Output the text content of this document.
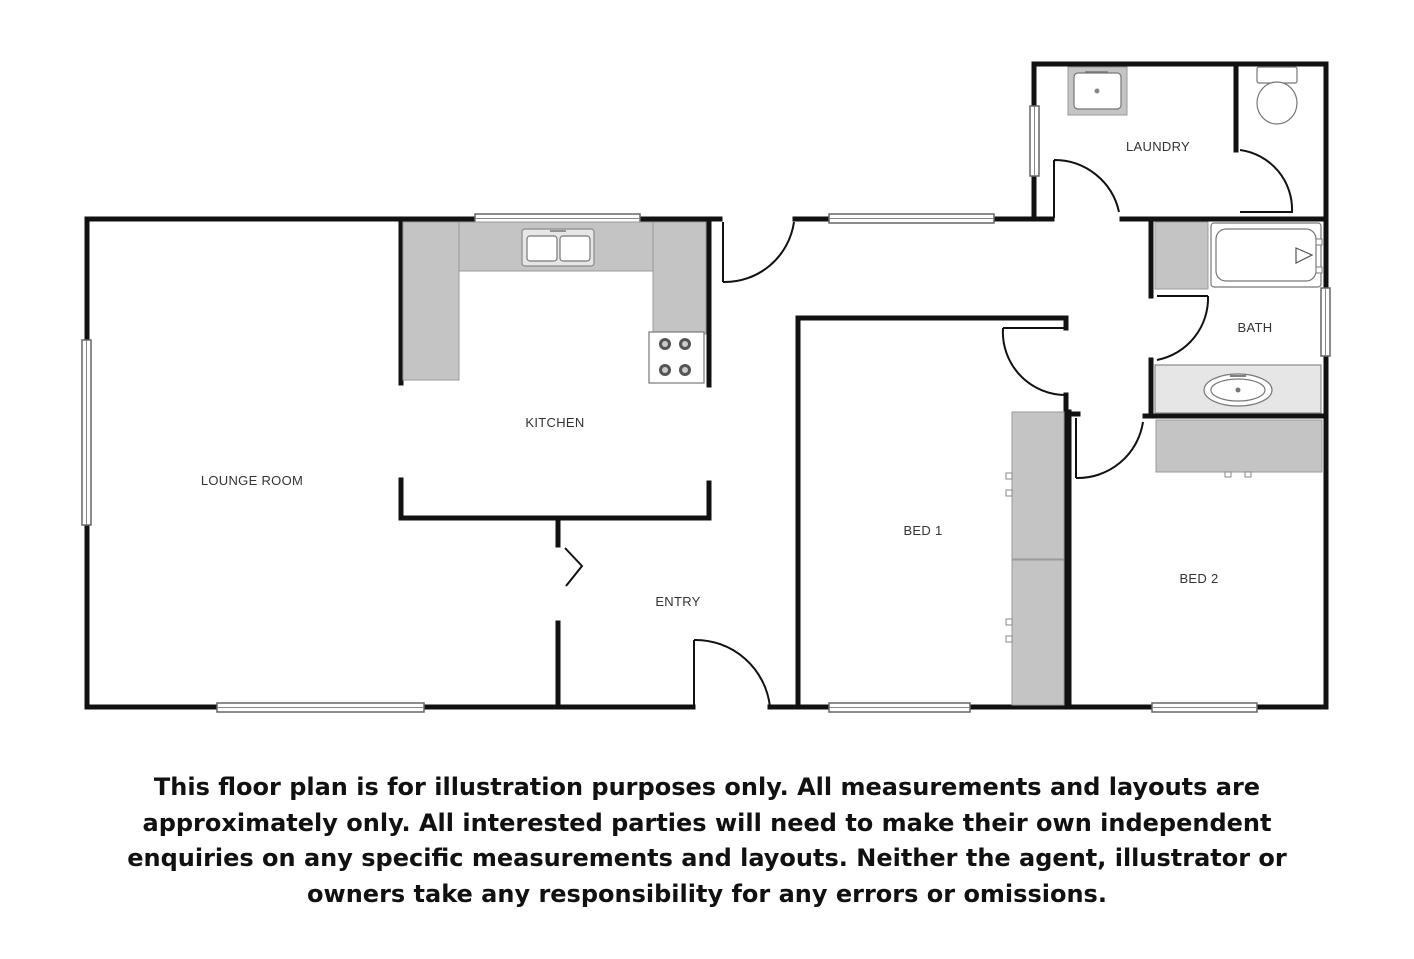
LOUNGE ROOM
KITCHEN
ENTRY
BED 1
BED 2
LAUNDRY
BATH

This floor plan is for illustration purposes only. All measurements and layouts are approximately only. All interested parties will need to make their own independent enquiries on any specific measurements and layouts. Neither the agent, illustrator or owners take any responsibility for any errors or omissions.
